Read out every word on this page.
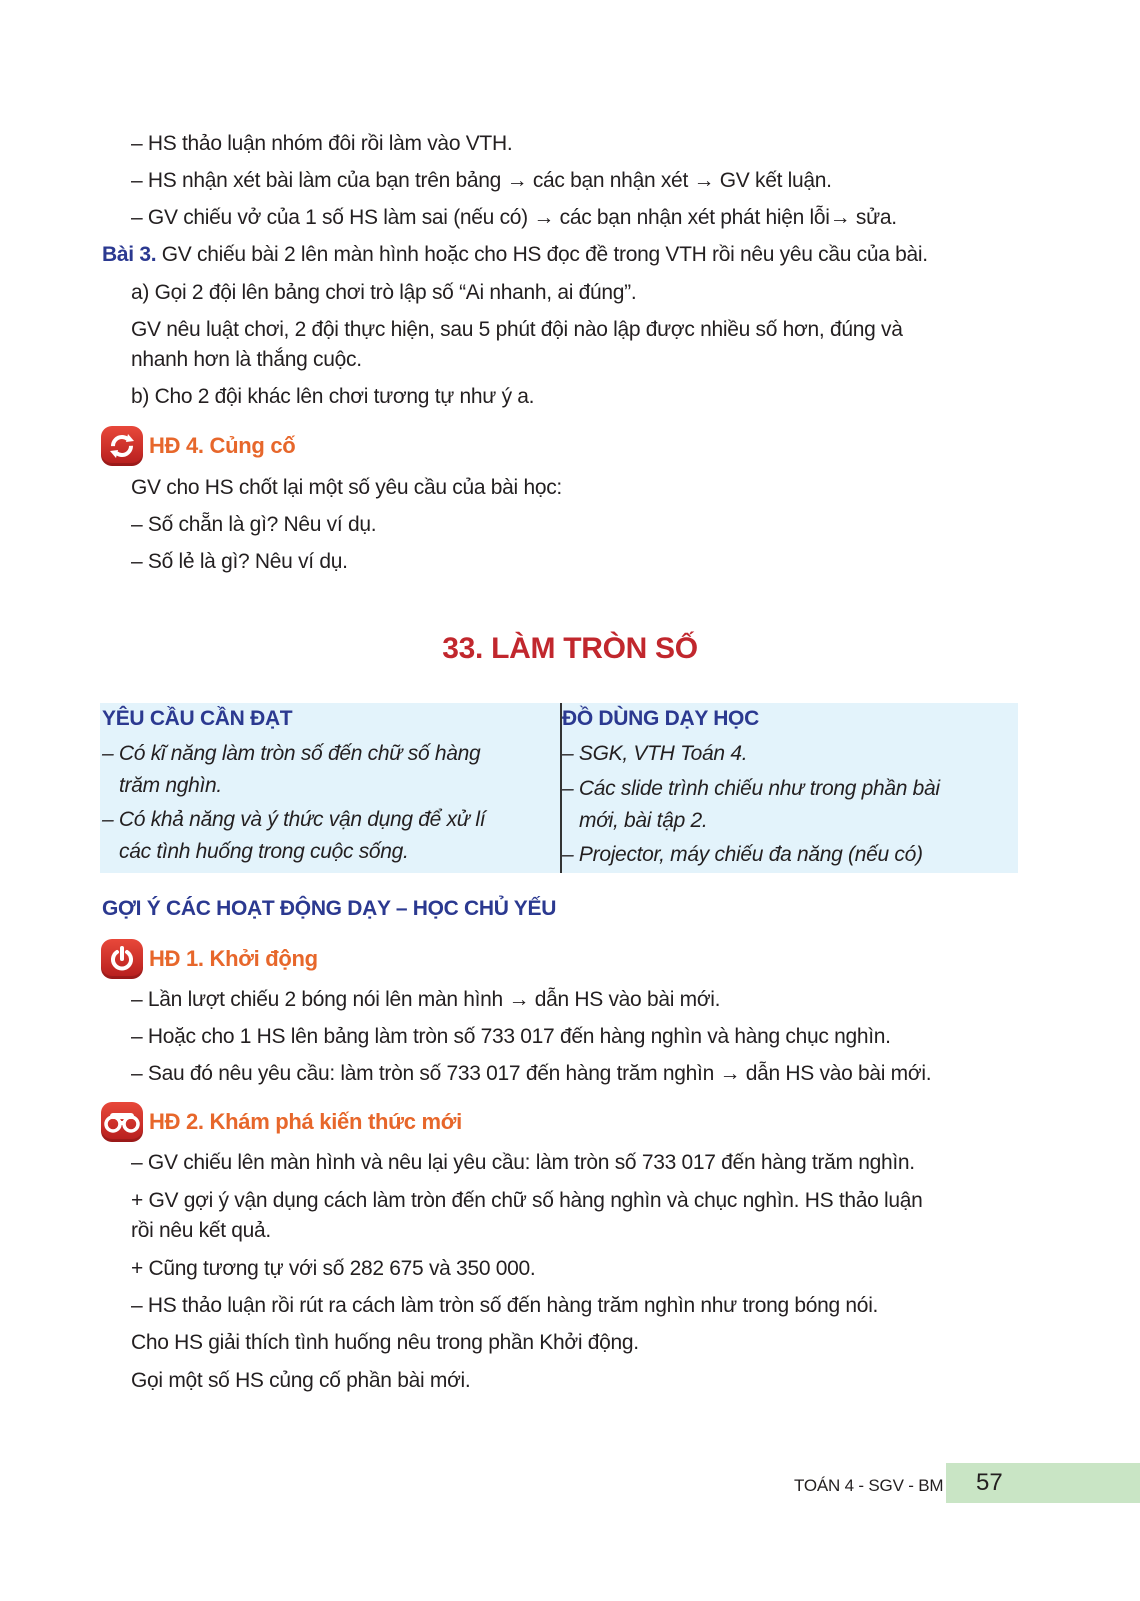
– HS thảo luận nhóm đôi rồi làm vào VTH.
– HS nhận xét bài làm của bạn trên bảng → các bạn nhận xét → GV kết luận.
– GV chiếu vở của 1 số HS làm sai (nếu có) → các bạn nhận xét phát hiện lỗi→ sửa.
Bài 3. GV chiếu bài 2 lên màn hình hoặc cho HS đọc đề trong VTH rồi nêu yêu cầu của bài.
a) Gọi 2 đội lên bảng chơi trò lập số “Ai nhanh, ai đúng”.
GV nêu luật chơi, 2 đội thực hiện, sau 5 phút đội nào lập được nhiều số hơn, đúng và
nhanh hơn là thắng cuộc.
b) Cho 2 đội khác lên chơi tương tự như ý a.
HĐ 4. Củng cố
GV cho HS chốt lại một số yêu cầu của bài học:
– Số chẵn là gì? Nêu ví dụ.
– Số lẻ là gì? Nêu ví dụ.
33. LÀM TRÒN SỐ
YÊU CẦU CẦN ĐẠT
– Có kĩ năng làm tròn số đến chữ số hàng
trăm nghìn.
– Có khả năng và ý thức vận dụng để xử lí
các tình huống trong cuộc sống.
ĐỒ DÙNG DẠY HỌC
– SGK, VTH Toán 4.
– Các slide trình chiếu như trong phần bài
mới, bài tập 2.
– Projector, máy chiếu đa năng (nếu có)
GỢI Ý CÁC HOẠT ĐỘNG DẠY – HỌC CHỦ YẾU
HĐ 1. Khởi động
– Lần lượt chiếu 2 bóng nói lên màn hình → dẫn HS vào bài mới.
– Hoặc cho 1 HS lên bảng làm tròn số 733 017 đến hàng nghìn và hàng chục nghìn.
– Sau đó nêu yêu cầu: làm tròn số 733 017 đến hàng trăm nghìn → dẫn HS vào bài mới.
HĐ 2. Khám phá kiến thức mới
– GV chiếu lên màn hình và nêu lại yêu cầu: làm tròn số 733 017 đến hàng trăm nghìn.
+ GV gợi ý vận dụng cách làm tròn đến chữ số hàng nghìn và chục nghìn. HS thảo luận
rồi nêu kết quả.
+ Cũng tương tự với số 282 675 và 350 000.
– HS thảo luận rồi rút ra cách làm tròn số đến hàng trăm nghìn như trong bóng nói.
Cho HS giải thích tình huống nêu trong phần Khởi động.
Gọi một số HS củng cố phần bài mới.
TOÁN 4 - SGV - BM 57
